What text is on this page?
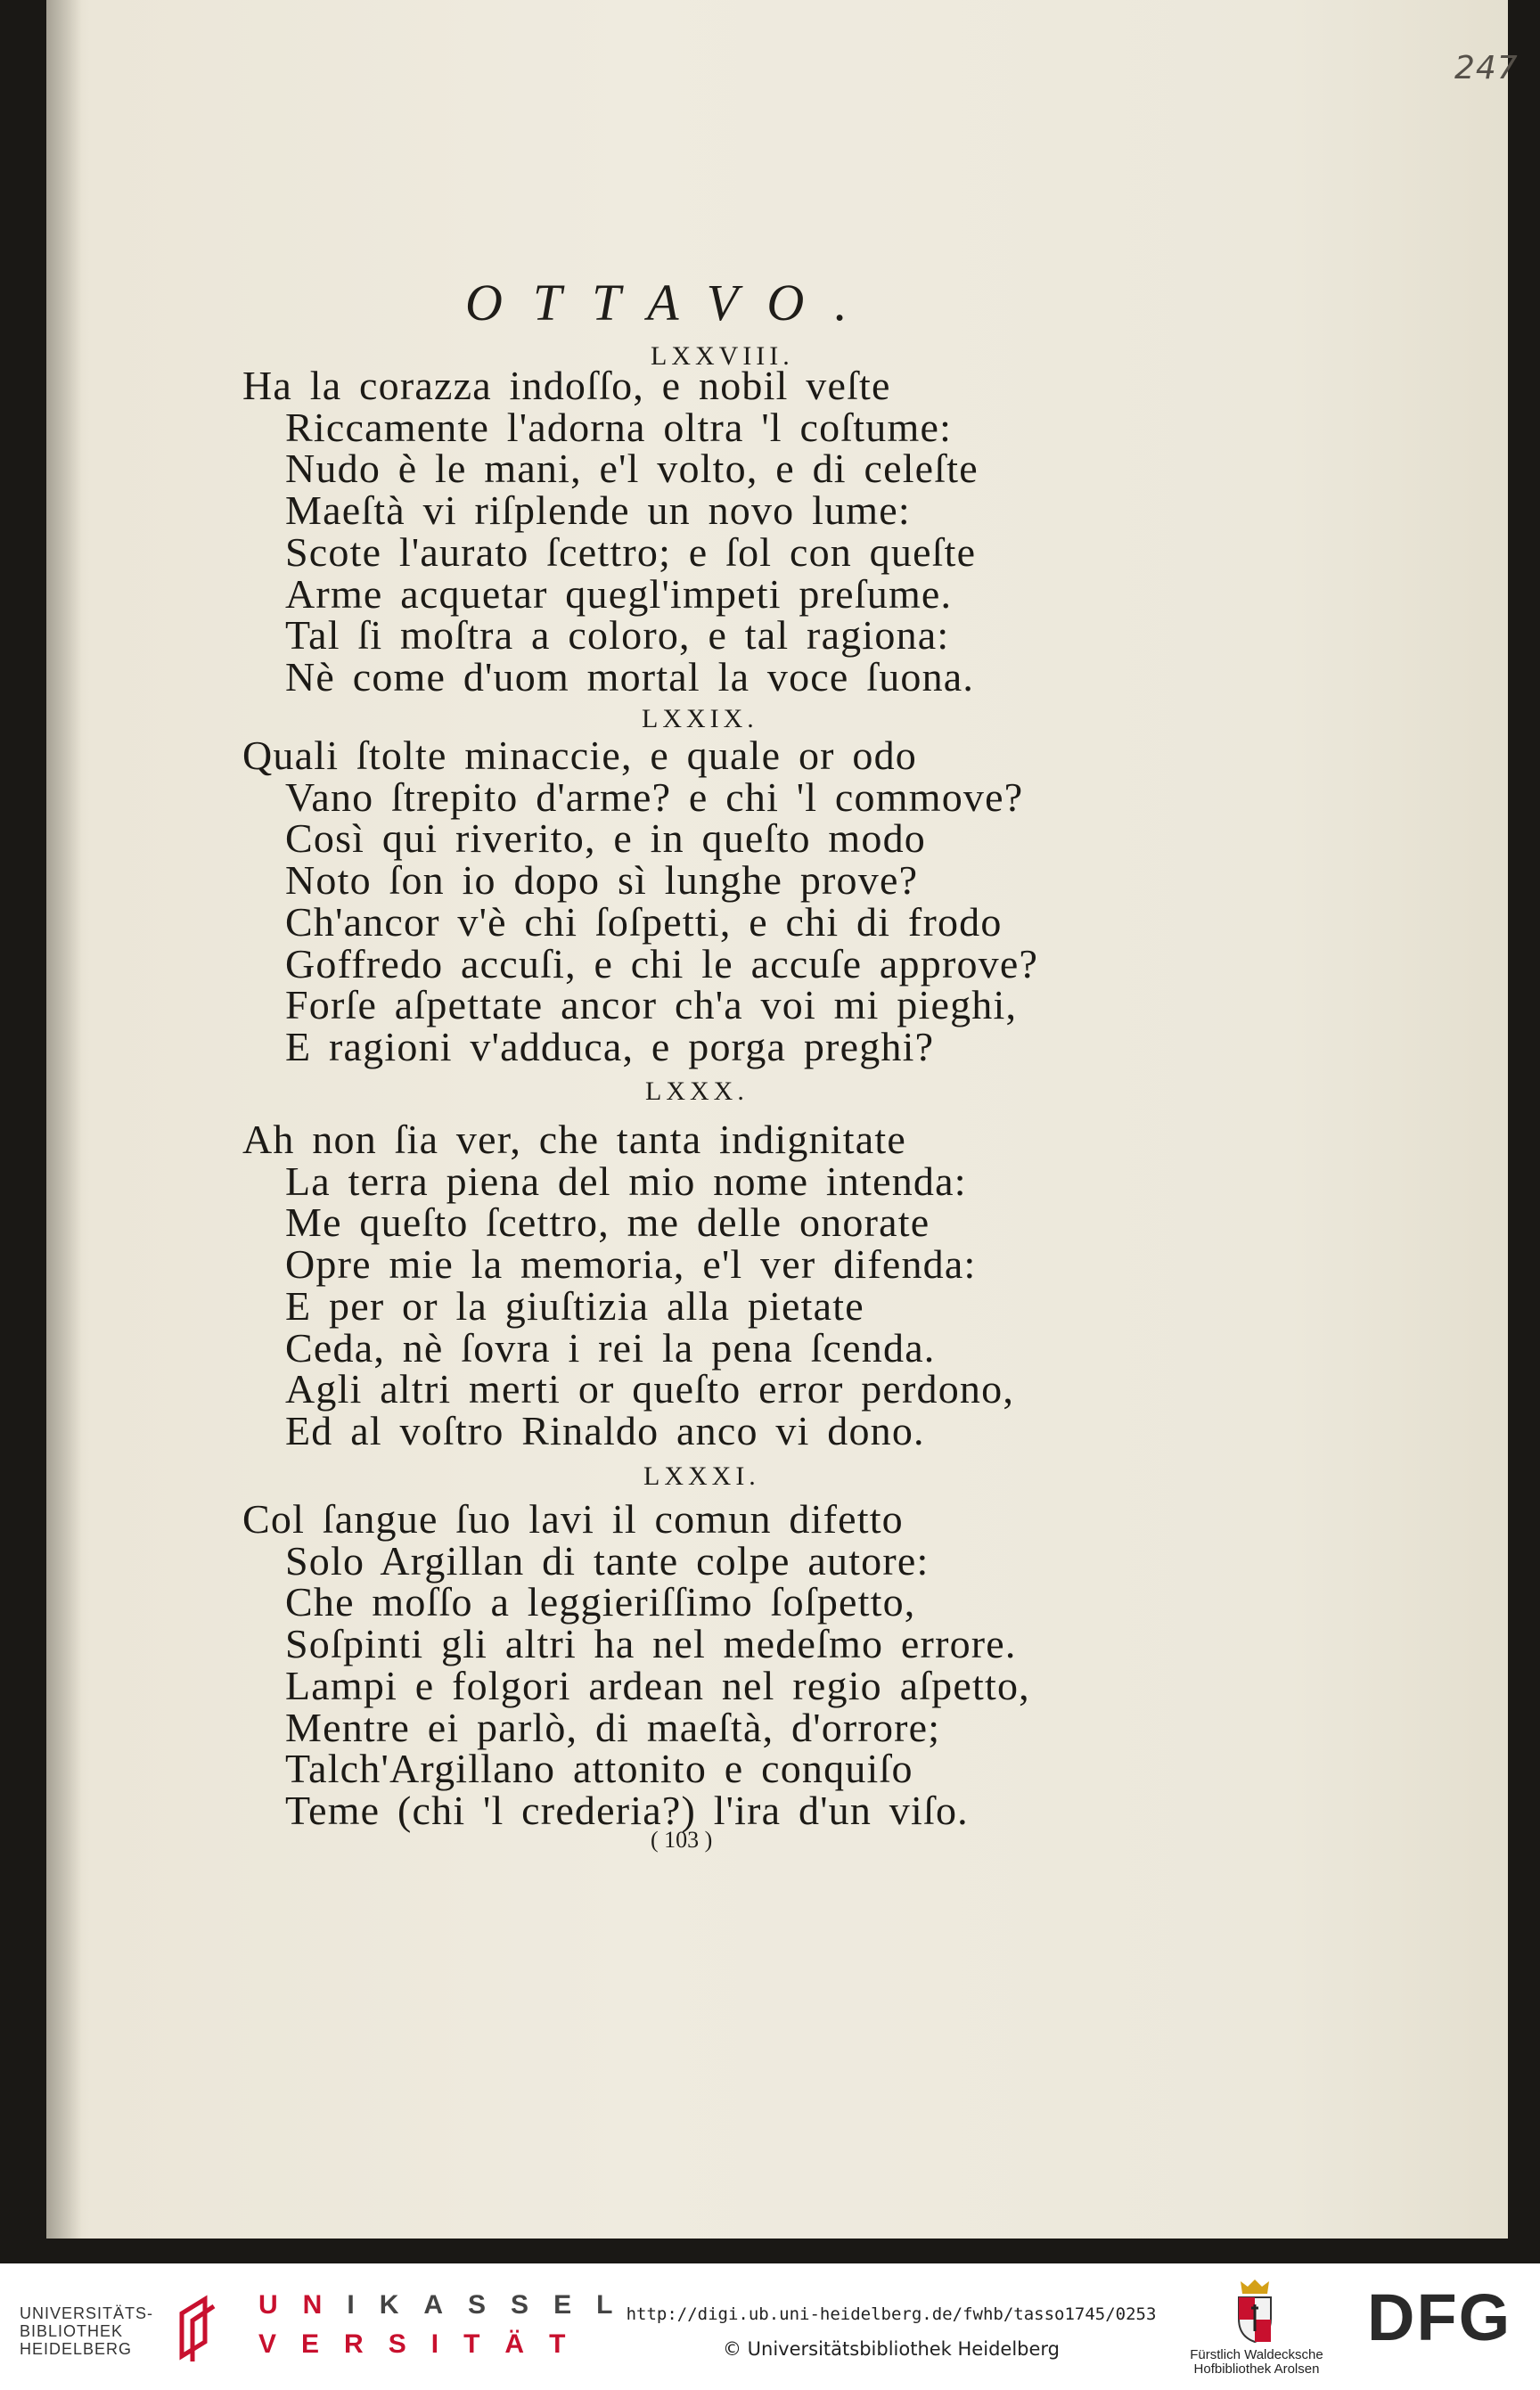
247
OTTAVO.
LXXVIII.
Ha la corazza indoſſo, e nobil veſte
Riccamente l'adorna oltra 'l coſtume:
Nudo è le mani, e'l volto, e di celeſte
Maeſtà vi riſplende un novo lume:
Scote l'aurato ſcettro; e ſol con queſte
Arme acquetar quegl'impeti preſume.
Tal ſi moſtra a coloro, e tal ragiona:
Nè come d'uom mortal la voce ſuona.
LXXIX.
Quali ſtolte minaccie, e quale or odo
Vano ſtrepito d'arme? e chi 'l commove?
Così qui riverito, e in queſto modo
Noto ſon io dopo sì lunghe prove?
Ch'ancor v'è chi ſoſpetti, e chi di frodo
Goffredo accuſi, e chi le accuſe approve?
Forſe aſpettate ancor ch'a voi mi pieghi,
E ragioni v'adduca, e porga preghi?
LXXX.
Ah non ſia ver, che tanta indignitate
La terra piena del mio nome intenda:
Me queſto ſcettro, me delle onorate
Opre mie la memoria, e'l ver difenda:
E per or la giuſtizia alla pietate
Ceda, nè ſovra i rei la pena ſcenda.
Agli altri merti or queſto error perdono,
Ed al voſtro Rinaldo anco vi dono.
LXXXI.
Col ſangue ſuo lavi il comun difetto
Solo Argillan di tante colpe autore:
Che moſſo a leggieriſſimo ſoſpetto,
Soſpinti gli altri ha nel medeſmo errore.
Lampi e folgori ardean nel regio aſpetto,
Mentre ei parlò, di maeſtà, d'orrore;
Talch'Argillano attonito e conquiſo
Teme (chi 'l crederia?) l'ira d'un viſo.
( 103 )
UNIVERSITÄTS-
BIBLIOTHEK
HEIDELBERG
UNIKASSEL
VERSITÄT
http://digi.ub.uni-heidelberg.de/fwhb/tasso1745/0253
© Universitätsbibliothek Heidelberg	Fürstlich Waldecksche
Hofbibliothek Arolsen
DFG
